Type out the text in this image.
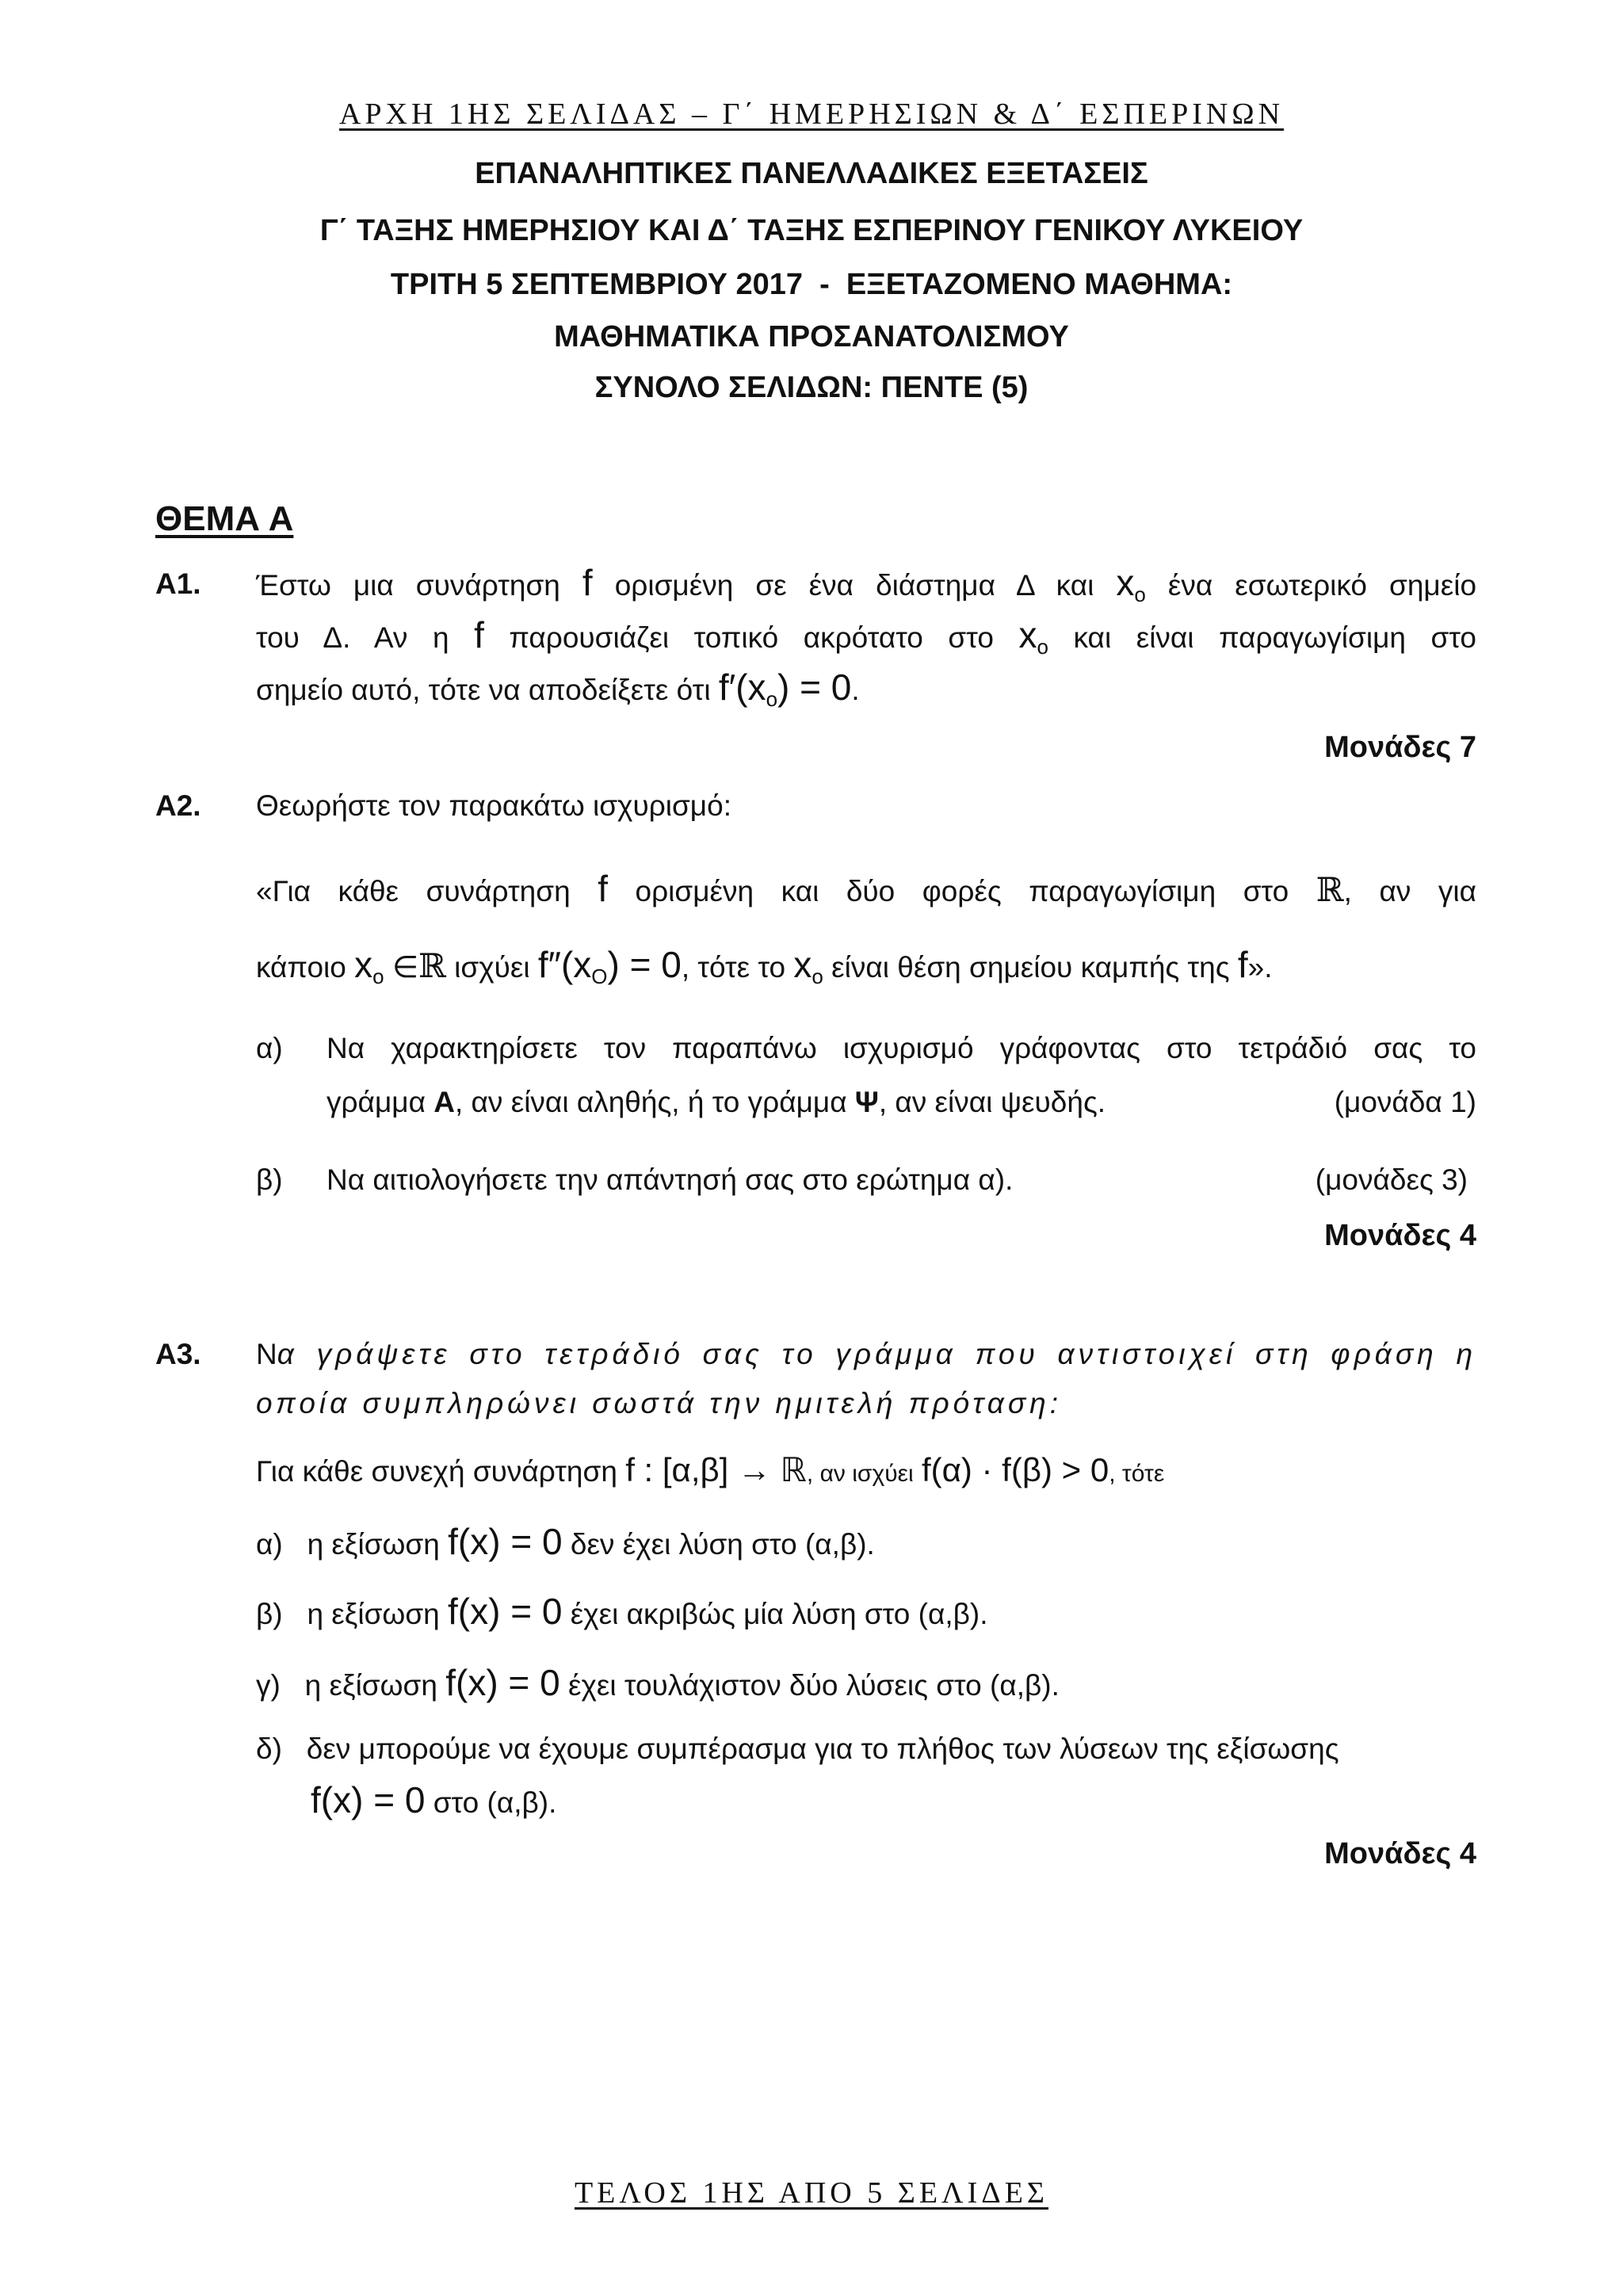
ΑΡΧΗ 1ΗΣ ΣΕΛΙΔΑΣ – Γ΄ ΗΜΕΡΗΣΙΩΝ & Δ΄ ΕΣΠΕΡΙΝΩΝ
ΕΠΑΝΑΛΗΠΤΙΚΕΣ ΠΑΝΕΛΛΑΔΙΚΕΣ ΕΞΕΤΑΣΕΙΣ
Γ΄ ΤΑΞΗΣ ΗΜΕΡΗΣΙΟΥ ΚΑΙ Δ΄ ΤΑΞΗΣ ΕΣΠΕΡΙΝΟΥ ΓΕΝΙΚΟΥ ΛΥΚΕΙΟΥ
ΤΡΙΤΗ 5 ΣΕΠΤΕΜΒΡΙΟΥ 2017  -  ΕΞΕΤΑΖΟΜΕΝΟ ΜΑΘΗΜΑ:
ΜΑΘΗΜΑΤΙΚΑ ΠΡΟΣΑΝΑΤΟΛΙΣΜΟΥ
ΣΥΝΟΛΟ ΣΕΛΙΔΩΝ: ΠΕΝΤΕ (5)
ΘΕΜΑ Α
Α1. Έστω μια συνάρτηση f ορισμένη σε ένα διάστημα Δ και $x_o$ ένα εσωτερικό σημείο
του Δ. Αν η f παρουσιάζει τοπικό ακρότατο στο $x_o$ και είναι παραγωγίσιμη στο
σημείο αυτό, τότε να αποδείξετε ότι $f'(x_o) = 0$.
Μονάδες 7
Α2. Θεωρήστε τον παρακάτω ισχυρισμό:
«Για κάθε συνάρτηση f ορισμένη και δύο φορές παραγωγίσιμη στο ℝ, αν για
κάποιο $x_o$ ∈ℝ ισχύει $f''(x_O) = 0$, τότε το $x_o$ είναι θέση σημείου καμπής της f».
α) Να χαρακτηρίσετε τον παραπάνω ισχυρισμό γράφοντας στο τετράδιό σας το
γράμμα Α, αν είναι αληθής, ή το γράμμα Ψ, αν είναι ψευδής.	(μονάδα 1)
β) Να αιτιολογήσετε την απάντησή σας στο ερώτημα α).	(μονάδες 3)
Μονάδες 4
Α3. Να γράψετε στο τετράδιό σας το γράμμα που αντιστοιχεί στη φράση η
οποία συμπληρώνει σωστά την ημιτελή πρόταση:
Για κάθε συνεχή συνάρτηση f : [α,β] → ℝ, αν ισχύει f(α) · f(β) > 0, τότε
α) η εξίσωση f(x) = 0 δεν έχει λύση στο (α,β).
β) η εξίσωση f(x) = 0 έχει ακριβώς μία λύση στο (α,β).
γ) η εξίσωση f(x) = 0 έχει τουλάχιστον δύο λύσεις στο (α,β).
δ) δεν μπορούμε να έχουμε συμπέρασμα για το πλήθος των λύσεων της εξίσωσης
f(x) = 0 στο (α,β).
Μονάδες 4
ΤΕΛΟΣ 1ΗΣ ΑΠΟ 5 ΣΕΛΙΔΕΣ
